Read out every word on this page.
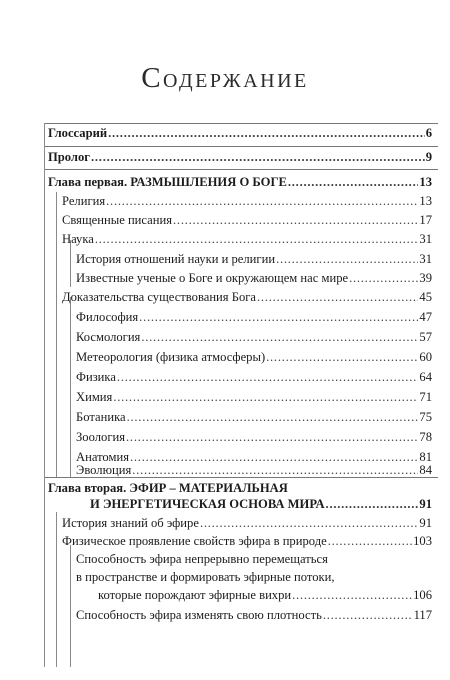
Содержание
Глоссарий . . .	6
Пролог . . .	9
Глава первая. РАЗМЫШЛЕНИЯ О БОГЕ . . .	13
Религия . . .	13
Священные писания . . .	17
Наука . . .	31
История отношений науки и религии . . .	31
Известные ученые о Боге и окружающем нас мире . . .	39
Доказательства существования Бога . . .	45
Философия . . .	47
Космология . . .	57
Метеорология (физика атмосферы) . . .	60
Физика . . .	64
Химия . . .	71
Ботаника . . .	75
Зоология . . .	78
Анатомия . . .	81
Эволюция . . .	84
Глава вторая. ЭФИР – МАТЕРИАЛЬНАЯ
И ЭНЕРГЕТИЧЕСКАЯ ОСНОВА МИРА . . .	91
История знаний об эфире . . .	91
Физическое проявление свойств эфира в природе . . .	103
Способность эфира непрерывно перемещаться
в пространстве и формировать эфирные потоки,
которые порождают эфирные вихри . . .	106
Способность эфира изменять свою плотность . . .	117
